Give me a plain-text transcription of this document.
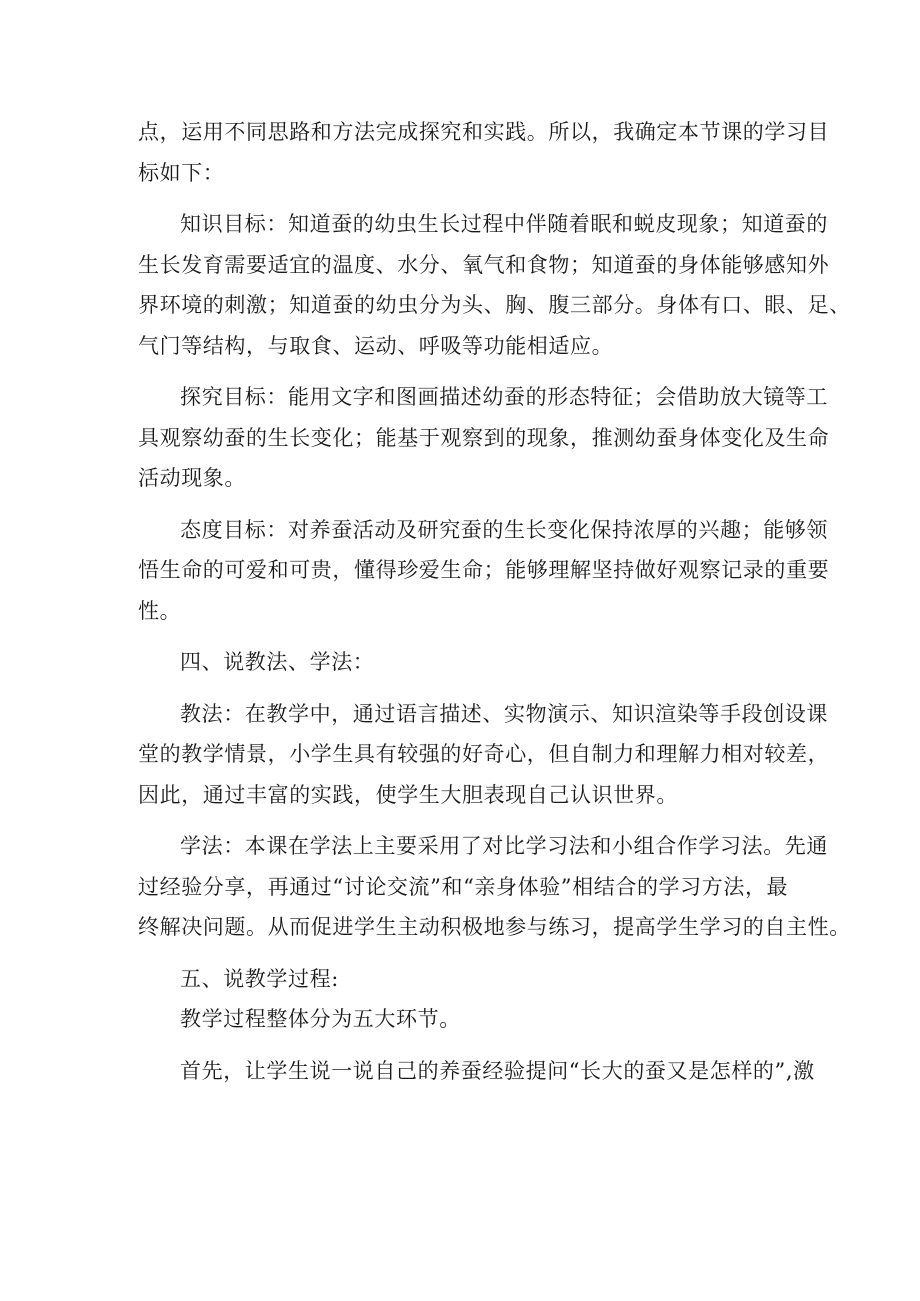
点，运用不同思路和方法完成探究和实践。所以，我确定本节课的学习目
标如下：
知识目标：知道蚕的幼虫生长过程中伴随着眠和蜕皮现象；知道蚕的
生长发育需要适宜的温度、水分、氧气和食物；知道蚕的身体能够感知外
界环境的刺激；知道蚕的幼虫分为头、胸、腹三部分。身体有口、眼、足、
气门等结构，与取食、运动、呼吸等功能相适应。
探究目标：能用文字和图画描述幼蚕的形态特征；会借助放大镜等工
具观察幼蚕的生长变化；能基于观察到的现象，推测幼蚕身体变化及生命
活动现象。
态度目标：对养蚕活动及研究蚕的生长变化保持浓厚的兴趣；能够领
悟生命的可爱和可贵，懂得珍爱生命；能够理解坚持做好观察记录的重要
性。
四、说教法、学法：
教法：在教学中，通过语言描述、实物演示、知识渲染等手段创设课
堂的教学情景，小学生具有较强的好奇心，但自制力和理解力相对较差，
因此，通过丰富的实践，使学生大胆表现自己认识世界。
学法：本课在学法上主要采用了对比学习法和小组合作学习法。先通
过经验分享，再通过“讨论交流”和“亲身体验”相结合的学习方法，最
终解决问题。从而促进学生主动积极地参与练习，提高学生学习的自主性。
五、说教学过程:
教学过程整体分为五大环节。
首先，让学生说一说自己的养蚕经验提问“长大的蚕又是怎样的”,激
